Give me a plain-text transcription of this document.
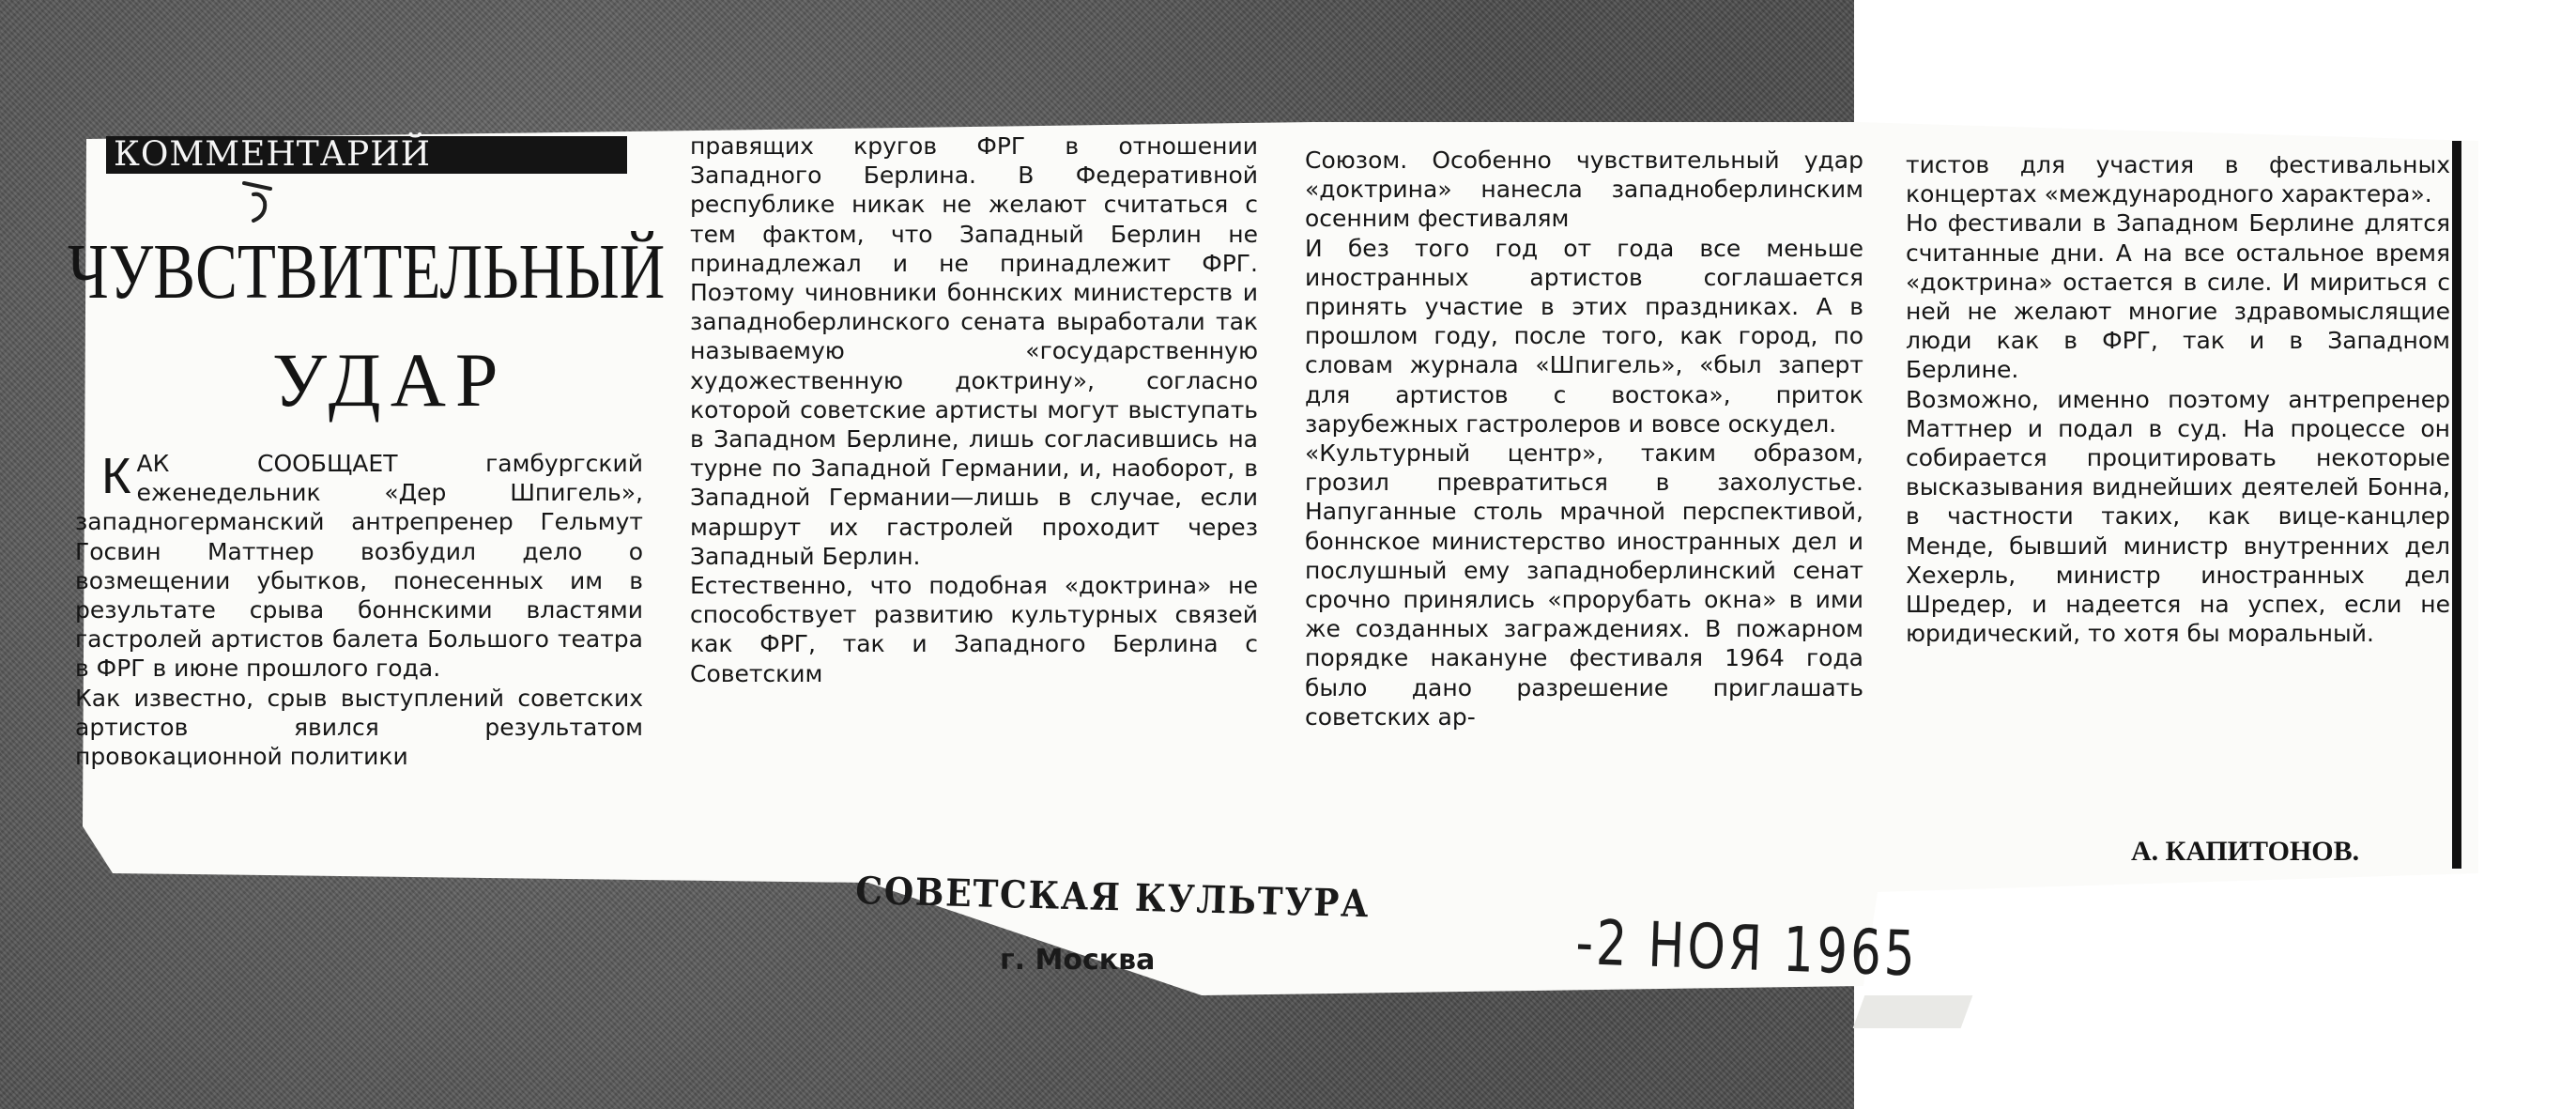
КОММЕНТАРИЙ
ЧУВСТВИТЕЛЬНЫЙ
УДАР
КАК СООБЩАЕТ гамбургский еженедельник «Дер Шпигель», западногерманский антрепренер Гельмут Госвин Маттнер возбудил дело о возмещении убытков, понесенных им в результате срыва боннскими властями гастролей артистов балета Большого театра в ФРГ в июне прошлого года.
Как известно, срыв выступлений советских артистов явился результатом провокационной политики
правящих кругов ФРГ в отношении Западного Берлина. В Федеративной республике никак не желают считаться с тем фактом, что Западный Берлин не принадлежал и не принадлежит ФРГ. Поэтому чиновники боннских министерств и западноберлинского сената выработали так называемую «государственную художественную доктрину», согласно которой советские артисты могут выступать в Западном Берлине, лишь согласившись на турне по Западной Германии, и, наоборот, в Западной Германии—лишь в случае, если маршрут их гастролей проходит через Западный Берлин.
Естественно, что подобная «доктрина» не способствует развитию культурных связей как ФРГ, так и Западного Берлина с Советским
Союзом. Особенно чувствительный удар «доктрина» нанесла западноберлинским осенним фестивалям
И без того год от года все меньше иностранных артистов соглашается принять участие в этих праздниках. А в прошлом году, после того, как город, по словам журнала «Шпигель», «был заперт для артистов с востока», приток зарубежных гастролеров и вовсе оскудел.
«Культурный центр», таким образом, грозил превратиться в захолустье. Напуганные столь мрачной перспективой, боннское министерство иностранных дел и послушный ему западноберлинский сенат срочно принялись «прорубать окна» в ими же созданных заграждениях. В пожарном порядке накануне фестиваля 1964 года было дано разрешение приглашать советских ар-
тистов для участия в фестивальных концертах «международного характера».
Но фестивали в Западном Берлине длятся считанные дни. А на все остальное время «доктрина» остается в силе. И мириться с ней не желают многие здравомыслящие люди как в ФРГ, так и в Западном Берлине.
Возможно, именно поэтому антрепренер Маттнер и подал в суд. На процессе он собирается процитировать некоторые высказывания виднейших деятелей Бонна, в частности таких, как вице-канцлер Менде, бывший министр внутренних дел Хехерль, министр иностранных дел Шредер, и надеется на успех, если не юридический, то хотя бы моральный.
А. КАПИТОНОВ.
СОВЕТСКАЯ КУЛЬТУРА
г. Москва	-2 НОЯ 1965
